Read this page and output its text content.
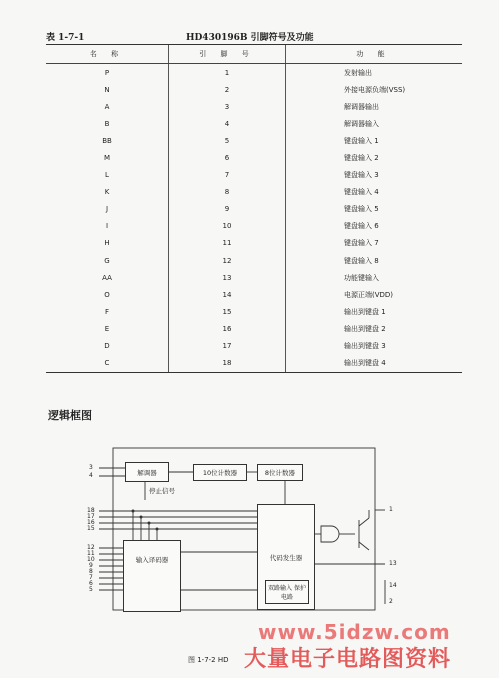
表 1-7-1	HD430196B 引脚符号及功能
名 称	引 脚 号	功 能
P	1	发射输出
N	2	外接电源负端(VSS)
A	3	解调器输出
B	4	解调器输入
BB	5	键盘输入 1
M	6	键盘输入 2
L	7	键盘输入 3
K	8	键盘输入 4
J	9	键盘输入 5
I	10	键盘输入 6
H	11	键盘输入 7
G	12	键盘输入 8
AA	13	功能键输入
O	14	电源正端(VDD)
F	15	输出到键盘 1
E	16	输出到键盘 2
D	17	输出到键盘 3
C	18	输出到键盘 4
逻辑框图
解调器	10位计数器	8位计数器
停止信号
输入译码器	代码发生器
双路输入 保护电路
3
4
18
17
16
15
12
11
10
9
8
7
6
5
1
13
14
2
图 1-7-2 HD
www.5idzw.com
大量电子电路图资料
